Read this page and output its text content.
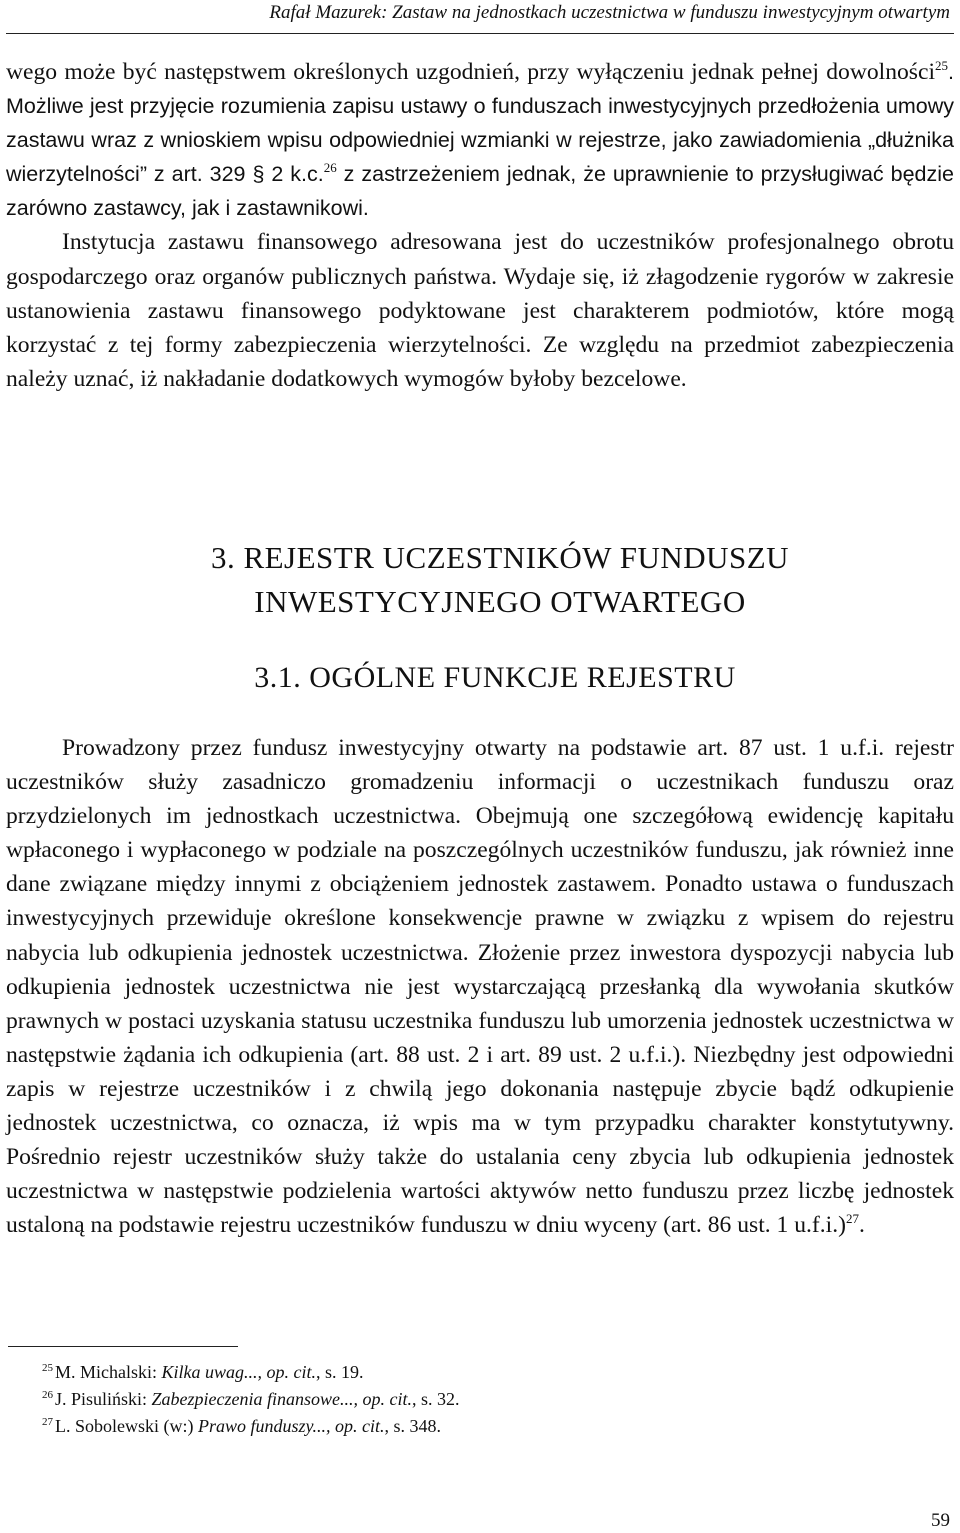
Rafał Mazurek: Zastaw na jednostkach uczestnictwa w funduszu inwestycyjnym otwartym
wego może być następstwem określonych uzgodnień, przy wyłączeniu jednak pełnej dowolności$^{25}$. Możliwe jest przyjęcie rozumienia zapisu ustawy o funduszach inwestycyjnych przedłożenia umowy zastawu wraz z wnioskiem wpisu odpowiedniej wzmianki w rejestrze, jako zawiadomienia „dłużnika wierzytelności” z art. 329 § 2 k.c.$^{26}$ z zastrzeżeniem jednak, że uprawnienie to przysługiwać będzie zarówno zastawcy, jak i zastawnikowi.
Instytucja zastawu finansowego adresowana jest do uczestników profesjonalnego obrotu gospodarczego oraz organów publicznych państwa. Wydaje się, iż złagodzenie rygorów w zakresie ustanowienia zastawu finansowego podyktowane jest charakterem podmiotów, które mogą korzystać z tej formy zabezpieczenia wierzytelności. Ze względu na przedmiot zabezpieczenia należy uznać, iż nakładanie dodatkowych wymogów byłoby bezcelowe.
3. REJESTR UCZESTNIKÓW FUNDUSZU
INWESTYCYJNEGO OTWARTEGO
3.1. OGÓLNE FUNKCJE REJESTRU

Prowadzony przez fundusz inwestycyjny otwarty na podstawie art. 87 ust. 1 u.f.i. rejestr uczestników służy zasadniczo gromadzeniu informacji o uczestnikach funduszu oraz przydzielonych im jednostkach uczestnictwa. Obejmują one szczegółową ewidencję kapitału wpłaconego i wypłaconego w podziale na poszczególnych uczestników funduszu, jak również inne dane związane między innymi z obciążeniem jednostek zastawem. Ponadto ustawa o funduszach inwestycyjnych przewiduje określone konsekwencje prawne w związku z wpisem do rejestru nabycia lub odkupienia jednostek uczestnictwa. Złożenie przez inwestora dyspozycji nabycia lub odkupienia jednostek uczestnictwa nie jest wystarczającą przesłanką dla wywołania skutków prawnych w postaci uzyskania statusu uczestnika funduszu lub umorzenia jednostek uczestnictwa w następstwie żądania ich odkupienia (art. 88 ust. 2 i art. 89 ust. 2 u.f.i.). Niezbędny jest odpowiedni zapis w rejestrze uczestników i z chwilą jego dokonania następuje zbycie bądź odkupienie jednostek uczestnictwa, co oznacza, iż wpis ma w tym przypadku charakter konstytutywny. Pośrednio rejestr uczestników służy także do ustalania ceny zbycia lub odkupienia jednostek uczestnictwa w następstwie podzielenia wartości aktywów netto funduszu przez liczbę jednostek ustaloną na podstawie rejestru uczestników funduszu w dniu wyceny (art. 86 ust. 1 u.f.i.)$^{27}$.

$^{25}$ M. Michalski: Kilka uwag..., op. cit., s. 19.
$^{26}$ J. Pisuliński: Zabezpieczenia finansowe..., op. cit., s. 32.
$^{27}$ L. Sobolewski (w:) Prawo funduszy..., op. cit., s. 348.
59
